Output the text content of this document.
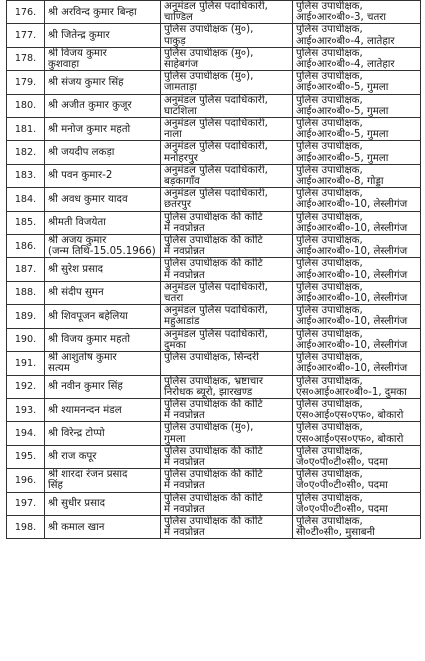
176.	श्री अरविन्द कुमार बिन्हा	अनुमंडल पुलिस पदाधिकारी,
चाण्डिल	पुलिस उपाधीक्षक,
आई०आर०बी०-3, चतरा

177.	श्री जितेन्द्र कुमार	पुलिस उपाधीक्षक (मु०),
पाकुड़	पुलिस उपाधीक्षक,
आई०आर०बी०-4, लातेहार

178.	श्री विजय कुमार
कुशवाहा	पुलिस उपाधीक्षक (मु०),
साहेबगंज	पुलिस उपाधीक्षक,
आई०आर०बी०-4, लातेहार

179.	श्री संजय कुमार सिंह	पुलिस उपाधीक्षक (मु०),
जामताड़ा	पुलिस उपाधीक्षक,
आई०आर०बी०-5, गुमला

180.	श्री अजीत कुमार कुजूर	अनुमंडल पुलिस पदाधिकारी,
घाटशिला	पुलिस उपाधीक्षक,
आई०आर०बी०-5, गुमला

181.	श्री मनोज कुमार महतो	अनुमंडल पुलिस पदाधिकारी,
नाला	पुलिस उपाधीक्षक,
आई०आर०बी०-5, गुमला

182.	श्री जयदीप लकड़ा	अनुमंडल पुलिस पदाधिकारी,
मनोहरपुर	पुलिस उपाधीक्षक,
आई०आर०बी०-5, गुमला

183.	श्री पवन कुमार-2	अनुमंडल पुलिस पदाधिकारी,
बड़कागाँव	पुलिस उपाधीक्षक,
आई०आर०बी०-8, गोड्डा

184.	श्री अवध कुमार यादव	अनुमंडल पुलिस पदाधिकारी,
छतरपुर	पुलिस उपाधीक्षक,
आई०आर०बी०-10, लेस्लीगंज

185.	श्रीमती विजयेता	पुलिस उपाधीक्षक की कोटि
में नवप्रोन्नत	पुलिस उपाधीक्षक,
आई०आर०बी०-10, लेस्लीगंज

186.	श्री अजय कुमार
(जन्म तिथि-15.05.1966)	पुलिस उपाधीक्षक की कोटि
में नवप्रोन्नत	पुलिस उपाधीक्षक,
आई०आर०बी०-10, लेस्लीगंज

187.	श्री सुरेश प्रसाद	पुलिस उपाधीक्षक की कोटि
में नवप्रोन्नत	पुलिस उपाधीक्षक,
आई०आर०बी०-10, लेस्लीगंज

188.	श्री संदीप सुमन	अनुमंडल पुलिस पदाधिकारी,
चतरा	पुलिस उपाधीक्षक,
आई०आर०बी०-10, लेस्लीगंज

189.	श्री शिवपूजन बहेलिया	अनुमंडल पुलिस पदाधिकारी,
महुआडांड	पुलिस उपाधीक्षक,
आई०आर०बी०-10, लेस्लीगंज

190.	श्री विजय कुमार महतो	अनुमंडल पुलिस पदाधिकारी,
दुमका	पुलिस उपाधीक्षक,
आई०आर०बी०-10, लेस्लीगंज

191.	श्री आशुतोष कुमार
सत्यम	पुलिस उपाधीक्षक, सिन्दरी	पुलिस उपाधीक्षक,
आई०आर०बी०-10, लेस्लीगंज

192.	श्री नवीन कुमार सिंह	पुलिस उपाधीक्षक, भ्रष्टाचार
निरोधक ब्यूरो, झारखण्ड	पुलिस उपाधीक्षक,
एस०आई०आर०बी०-1, दुमका

193.	श्री श्यामनन्दन मंडल	पुलिस उपाधीक्षक की कोटि
में नवप्रोन्नत	पुलिस उपाधीक्षक,
एस०आई०एस०एफ०, बोकारो

194.	श्री विरेन्द्र टोप्पो	पुलिस उपाधीक्षक (मु०),
गुमला	पुलिस उपाधीक्षक,
एस०आई०एस०एफ०, बोकारो

195.	श्री राज कपूर	पुलिस उपाधीक्षक की कोटि
में नवप्रोन्नत	पुलिस उपाधीक्षक,
जे०ए०पी०टी०सी०, पदमा

196.	श्री शारदा रंजन प्रसाद
सिंह	पुलिस उपाधीक्षक की कोटि
में नवप्रोन्नत	पुलिस उपाधीक्षक,
जे०ए०पी०टी०सी०, पदमा

197.	श्री सुधीर प्रसाद	पुलिस उपाधीक्षक की कोटि
में नवप्रोन्नत	पुलिस उपाधीक्षक,
जे०ए०पी०टी०सी०, पदमा

198.	श्री कमाल खान	पुलिस उपाधीक्षक की कोटि
में नवप्रोन्नत	पुलिस उपाधीक्षक,
सी०टी०सी०, मुसाबनी
